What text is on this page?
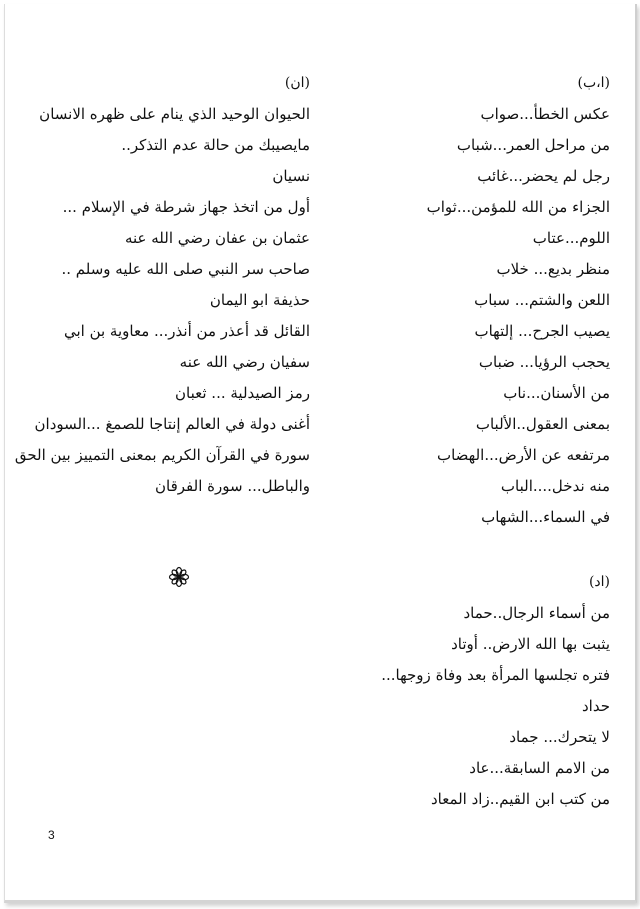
(ا،ب)
عكس الخطأ...صواب
من مراحل العمر...شباب
رجل لم يحضر...غائب
الجزاء من الله للمؤمن...ثواب
اللوم...عتاب
منظر بديع... خلاب
اللعن والشتم... سباب
يصيب الجرح... إلتهاب
يحجب الرؤيا... ضباب
من الأسنان...ناب
بمعنى العقول..الألباب
مرتفعه عن الأرض...الهضاب
منه ندخل....الباب
في السماء...الشهاب
(ان)
الحيوان الوحيد الذي ينام على ظهره الانسان
مايصيبك من حالة عدم التذكر..
نسيان
أول من اتخذ جهاز شرطة في الإسلام ...
عثمان بن عفان رضي الله عنه
صاحب سر النبي صلى الله عليه وسلم ..
حذيفة ابو اليمان
القائل قد أعذر من أنذر... معاوية بن ابي
سفيان رضي الله عنه
رمز الصيدلية ... ثعبان
أغنى دولة في العالم إنتاجا للصمغ ...السودان
سورة في القرآن الكريم بمعنى التمييز بين الحق
والباطل... سورة الفرقان
(اد)
من أسماء الرجال..حماد
يثبت بها الله الارض.. أوتاد
فتره تجلسها المرأة بعد وفاة زوجها...
حداد
لا يتحرك... جماد
من الامم السابقة...عاد
من كتب ابن القيم..زاد المعاد
3
